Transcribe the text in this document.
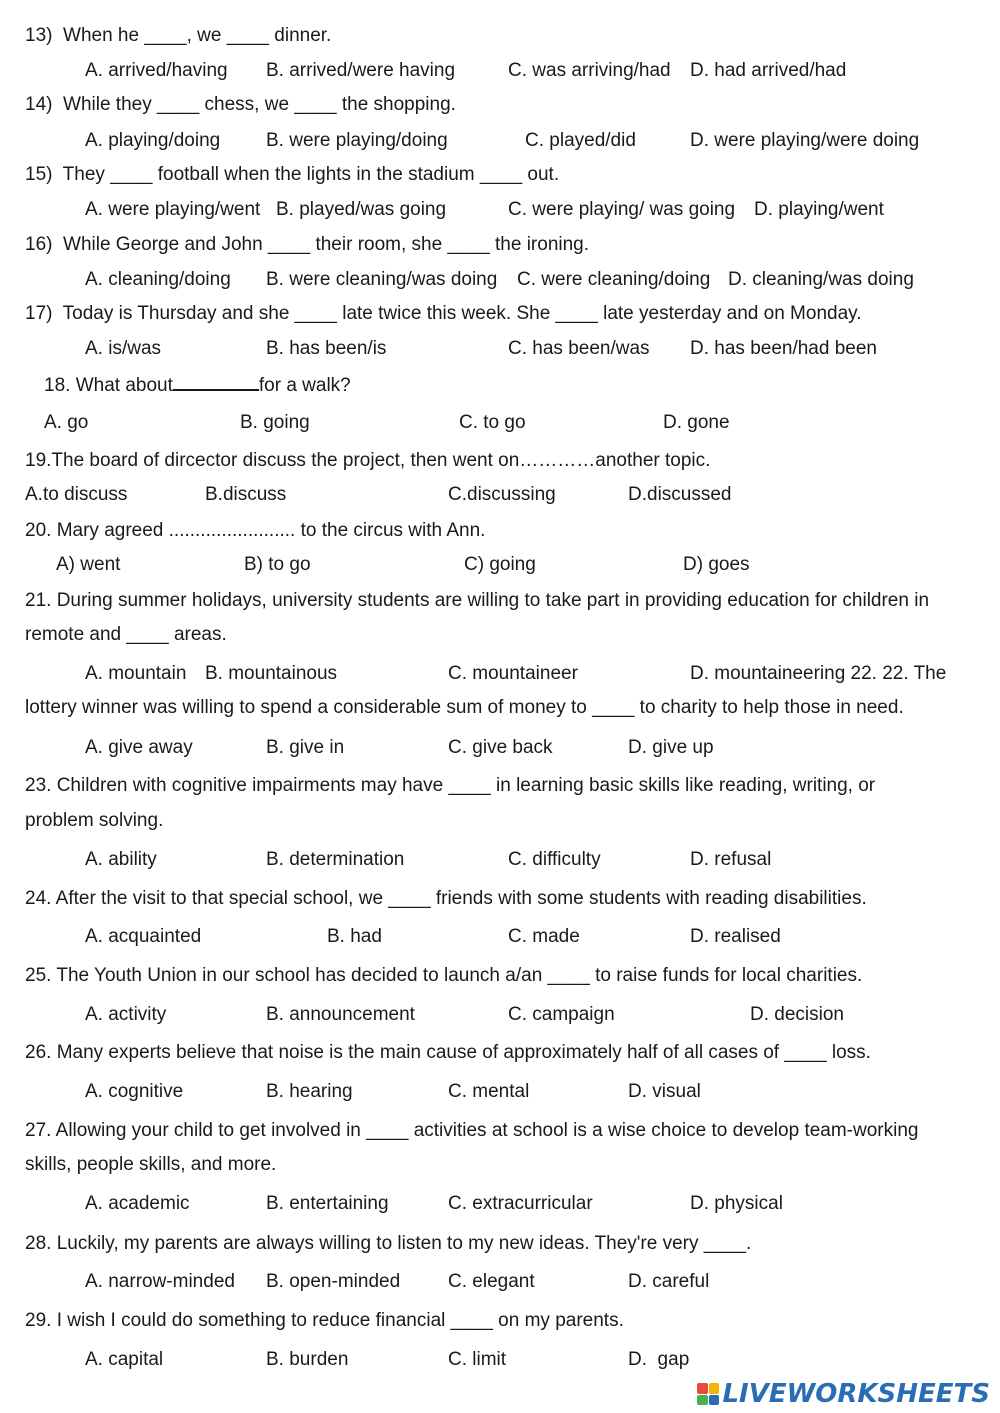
13)  When he ____, we ____ dinner.

A. arrived/having B. arrived/were having	C. was arriving/had D. had arrived/had

14)  While they ____ chess, we ____ the shopping.

A. playing/doing B. were playing/doing	C. played/did	D. were playing/were doing

15)  They ____ football when the lights in the stadium ____ out.

A. were playing/went B. played/was going	C. were playing/ was going D. playing/went

16)  While George and John ____ their room, she ____ the ironing.

A. cleaning/doing B. were cleaning/was doing C. were cleaning/doing D. cleaning/was doing

17)  Today is Thursday and she ____ late twice this week. She ____ late yesterday and on Monday.

A. is/was	B. has been/is	C. has been/was D. has been/had been

18. What about	for a walk?

A. go	B. going	C. to go	D. gone

19.The board of dircector discuss the project, then went on…………another topic.

A.to discuss	B.discuss	C.discussing	D.discussed

20. Mary agreed ........................ to the circus with Ann.

A) went	B) to go	C) going	D) goes

21. During summer holidays, university students are willing to take part in providing education for children in

remote and ____ areas.

A. mountain B. mountainous	C. mountaineer	D. mountaineering 22. 22. The

lottery winner was willing to spend a considerable sum of money to ____ to charity to help those in need.

A. give away	B. give in	C. give back	D. give up

23. Children with cognitive impairments may have ____ in learning basic skills like reading, writing, or

problem solving.

A. ability	B. determination	C. difficulty	D. refusal

24. After the visit to that special school, we ____ friends with some students with reading disabilities.

A. acquainted	B. had	C. made	D. realised

25. The Youth Union in our school has decided to launch a/an ____ to raise funds for local charities.

A. activity	B. announcement	C. campaign	D. decision

26. Many experts believe that noise is the main cause of approximately half of all cases of ____ loss.

A. cognitive	B. hearing	C. mental	D. visual

27. Allowing your child to get involved in ____ activities at school is a wise choice to develop team-working

skills, people skills, and more.

A. academic	B. entertaining	C. extracurricular	D. physical

28. Luckily, my parents are always willing to listen to my new ideas. They're very ____.

A. narrow-minded B. open-minded	C. elegant	D. careful

29. I wish I could do something to reduce financial ____ on my parents.

A. capital	B. burden	C. limit	D.  gap

LIVEWORKSHEETS
